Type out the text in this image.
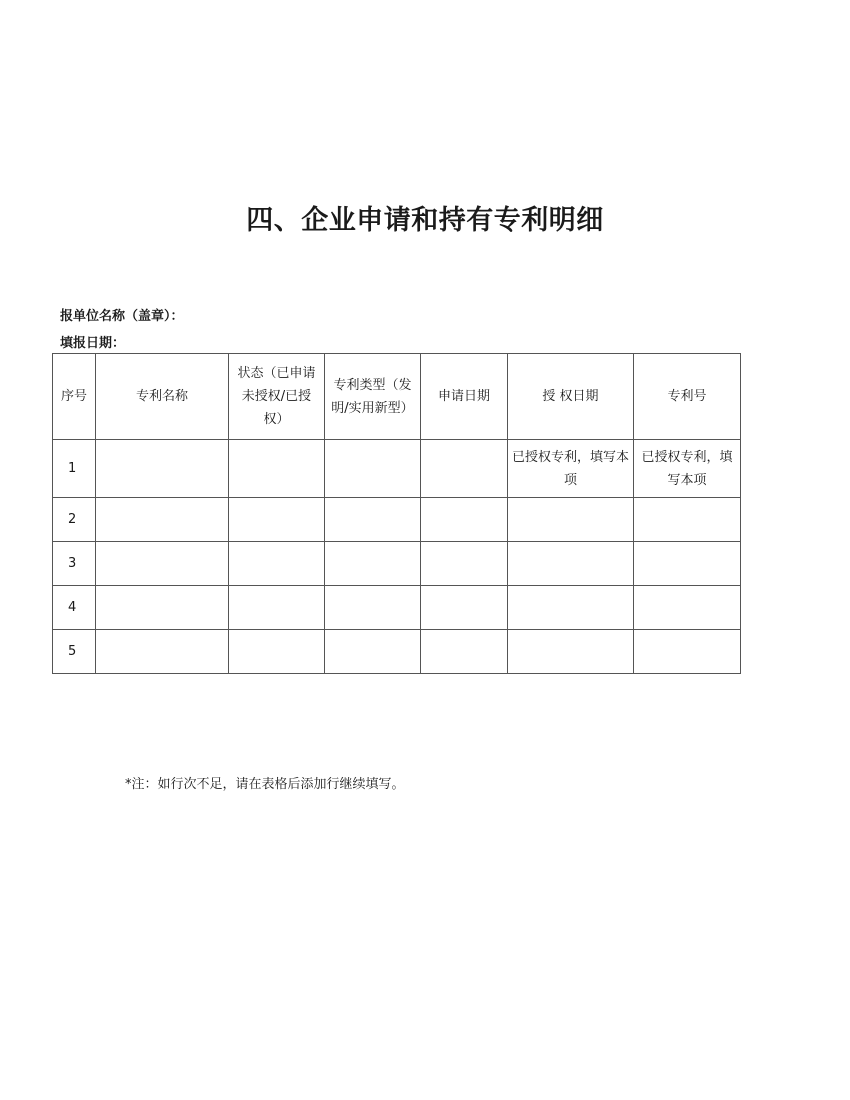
四、企业申请和持有专利明细
报单位名称（盖章）：
填报日期：
序号	专利名称	状态（已申请未授权/已授权）	专利类型（发明/实用新型）	申请日期	授 权日期	专利号
1					已授权专利，填写本项	已授权专利，填写本项
2						
3						
4						
5						
*注：如行次不足，请在表格后添加行继续填写。
